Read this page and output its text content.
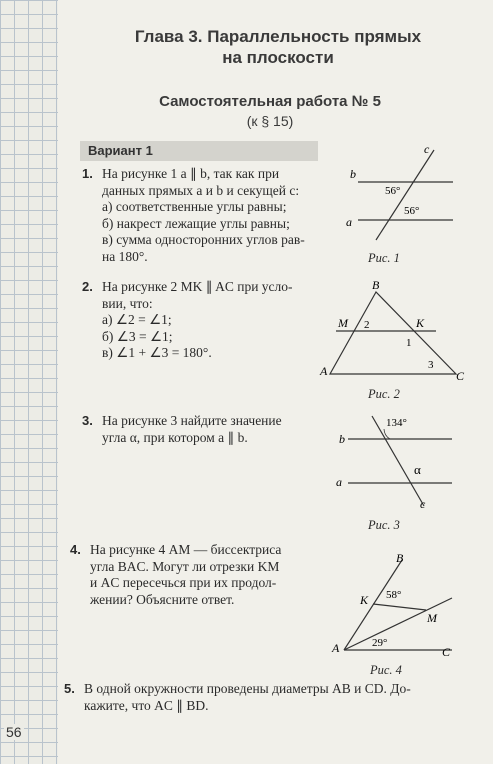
56
Глава 3. Параллельность прямых
на плоскости
Самостоятельная работа № 5
(к § 15)
Вариант 1
1. На рисунке 1 a ∥ b, так как при
данных прямых a и b и секущей c:
а) соответственные углы равны;
б) накрест лежащие углы равны;
в) сумма односторонних углов рав-
на 180°.
2. На рисунке 2 MK ∥ AC при усло-
вии, что:
а) ∠2 = ∠1;
б) ∠3 = ∠1;
в) ∠1 + ∠3 = 180°.
3. На рисунке 3 найдите значение
угла α, при котором a ∥ b.
4. На рисунке 4 AM — биссектриса
угла BAC. Могут ли отрезки KM
и AC пересечься при их продол-
жении? Объясните ответ.
5. В одной окружности проведены диаметры AB и CD. До-
кажите, что AC ∥ BD.
b
a
c
56°
56°
Рис. 1
B
M	K
A	C
2
1
3
Рис. 2
b
a
c
134°
α
Рис. 3
B
K
M
A	C
58°
29°
Рис. 4
